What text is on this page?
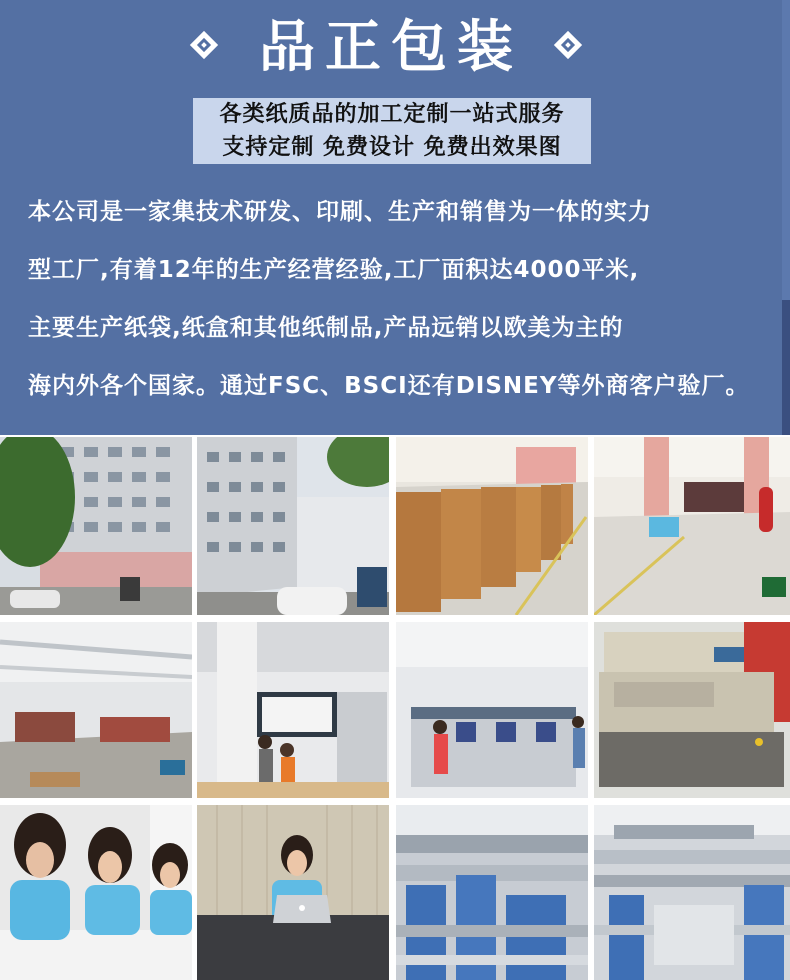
品正包装
各类纸质品的加工定制一站式服务
支持定制 免费设计 免费出效果图
本公司是一家集技术研发、印刷、生产和销售为一体的实力
型工厂,有着12年的生产经营经验,工厂面积达4000平米,
主要生产纸袋,纸盒和其他纸制品,产品远销以欧美为主的
海内外各个国家。通过FSC、BSCI还有DISNEY等外商客户验厂。
